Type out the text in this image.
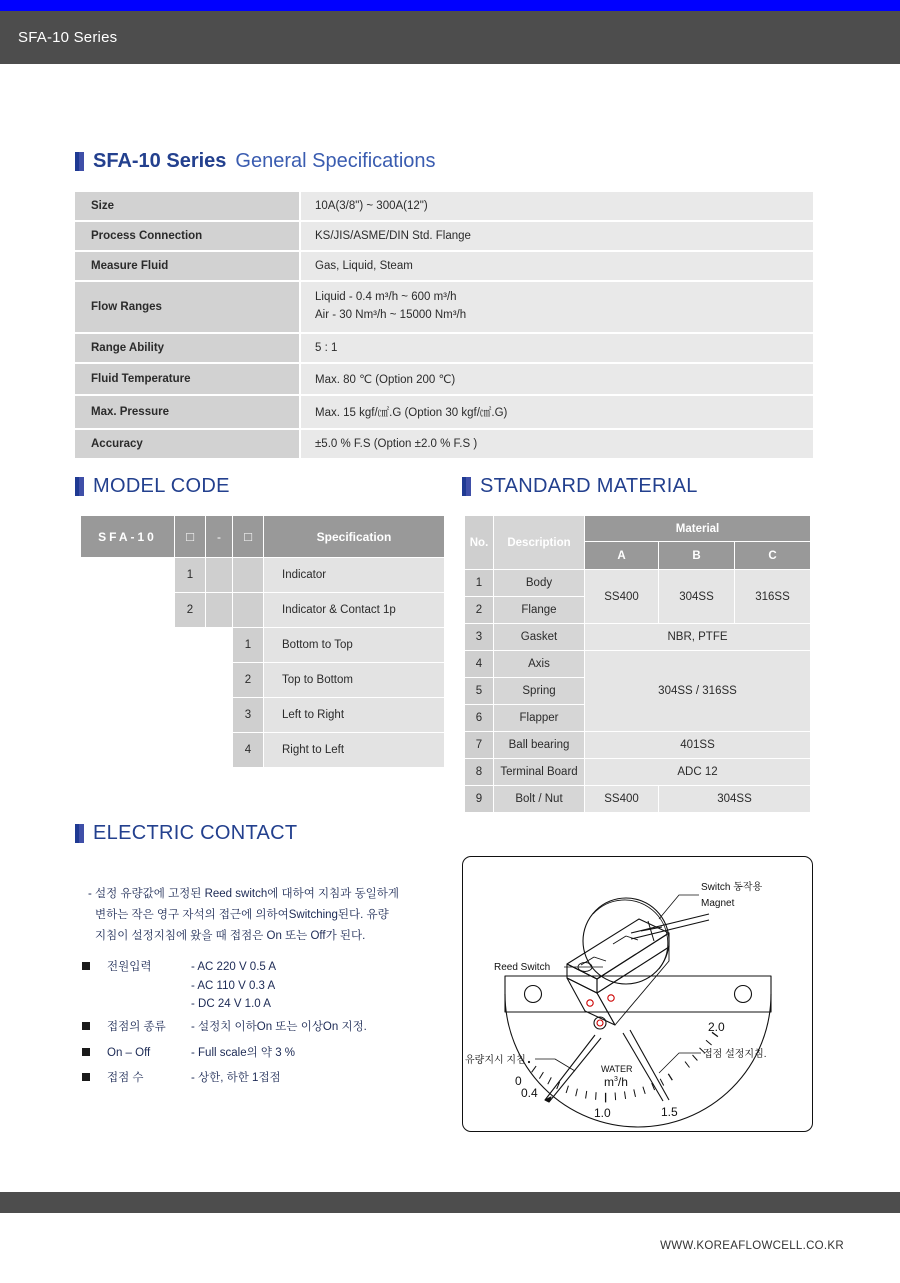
SFA-10 Series
SFA-10 Series General Specifications
Size	10A(3/8") ~ 300A(12")
Process Connection	KS/JIS/ASME/DIN Std. Flange
Measure Fluid	Gas, Liquid, Steam
Flow Ranges	Liquid - 0.4 m³/h ~ 600 m³/h
Air - 30 Nm³/h ~ 15000 Nm³/h

Range Ability	5 : 1
Fluid Temperature	Max. 80 ℃ (Option 200 ℃)
Max. Pressure	Max. 15 kgf/㎠.G (Option 30 kgf/㎠.G)
Accuracy	±5.0 % F.S (Option ±2.0 % F.S )
MODEL CODE
SFA-10	□	-	□	Specification
	1			Indicator
	2			Indicator & Contact 1p
			1	Bottom to Top
			2	Top to Bottom
			3	Left to Right
			4	Right to Left
STANDARD MATERIAL
No.	Description	Material		
		A	B	C
1	Body	SS400	304SS	316SS
2	Flange			
3	Gasket	NBR, PTFE		
4	Axis	304SS / 316SS		
5	Spring			
6	Flapper			
7	Ball bearing	401SS		
8	Terminal Board	ADC 12		
9	Bolt / Nut	SS400	304SS	
ELECTRIC CONTACT

- 설정 유량값에 고정된 Reed switch에 대하여 지침과 동일하게

변하는 작은 영구 자석의 접근에 의하여Switching된다. 유량

지침이 설정지침에 왔을 때 접점은 On 또는 Off가 된다.

전원입력	- AC 220 V 0.5 A
- AC 110 V 0.3 A
- DC 24 V 1.0 A
접점의 종류	- 설정치 이하On 또는 이상On 지정.
On – Off	- Full scale의 약 3 %
접점 수	- 상한, 하한 1접점	0
0.4
1.0	1.5
2.0
WATER
$m^3/h$
Reed Switch
Switch 동작용
Magnet
유량지시 지침
접점 설정지침.
WWW.KOREAFLOWCELL.CO.KR
